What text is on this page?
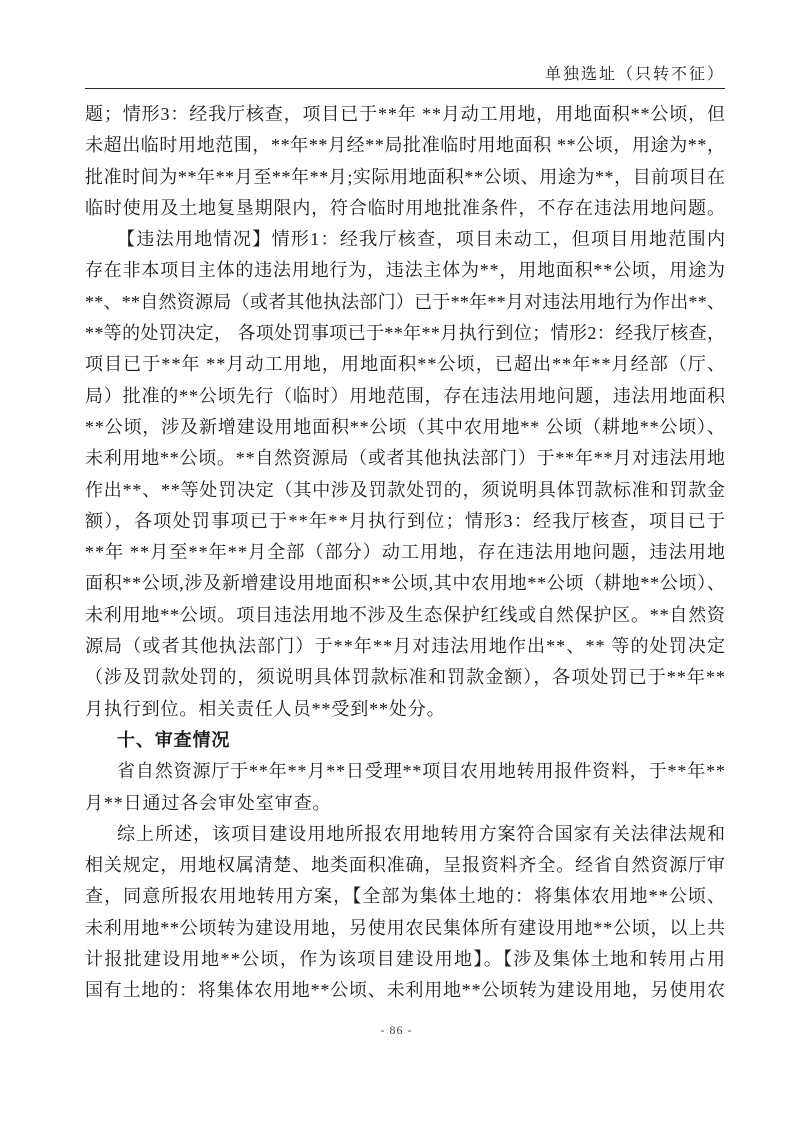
单独选址（只转不征）
题；情形3：经我厅核查，项目已于**年 **月动工用地，用地面积**公顷，但
未超出临时用地范围，**年**月经**局批准临时用地面积 **公顷，用途为**，
批准时间为**年**月至**年**月;实际用地面积**公顷、用途为**，目前项目在
临时使用及土地复垦期限内，符合临时用地批准条件，不存在违法用地问题。
【违法用地情况】情形1：经我厅核查，项目未动工，但项目用地范围内
存在非本项目主体的违法用地行为，违法主体为**，用地面积**公顷，用途为
**、**自然资源局（或者其他执法部门）已于**年**月对违法用地行为作出**、
**等的处罚决定， 各项处罚事项已于**年**月执行到位；情形2：经我厅核查，
项目已于**年 **月动工用地，用地面积**公顷，已超出**年**月经部（厅、
局）批准的**公顷先行（临时）用地范围，存在违法用地问题，违法用地面积
**公顷，涉及新增建设用地面积**公顷（其中农用地** 公顷（耕地**公顷）、
未利用地**公顷。**自然资源局（或者其他执法部门）于**年**月对违法用地
作出**、**等处罚决定（其中涉及罚款处罚的，须说明具体罚款标准和罚款金
额），各项处罚事项已于**年**月执行到位；情形3：经我厅核查，项目已于
**年 **月至**年**月全部（部分）动工用地，存在违法用地问题，违法用地
面积**公顷,涉及新增建设用地面积**公顷,其中农用地**公顷（耕地**公顷）、
未利用地**公顷。项目违法用地不涉及生态保护红线或自然保护区。**自然资
源局（或者其他执法部门）于**年**月对违法用地作出**、** 等的处罚决定
（涉及罚款处罚的，须说明具体罚款标准和罚款金额），各项处罚已于**年**
月执行到位。相关责任人员**受到**处分。
十、审查情况
省自然资源厅于**年**月**日受理**项目农用地转用报件资料，于**年**
月**日通过各会审处室审查。
综上所述，该项目建设用地所报农用地转用方案符合国家有关法律法规和
相关规定，用地权属清楚、地类面积准确，呈报资料齐全。经省自然资源厅审
查，同意所报农用地转用方案，【全部为集体土地的：将集体农用地**公顷、
未利用地**公顷转为建设用地，另使用农民集体所有建设用地**公顷，以上共
计报批建设用地**公顷，作为该项目建设用地】。【涉及集体土地和转用占用
国有土地的：将集体农用地**公顷、未利用地**公顷转为建设用地，另使用农
- 86 -
